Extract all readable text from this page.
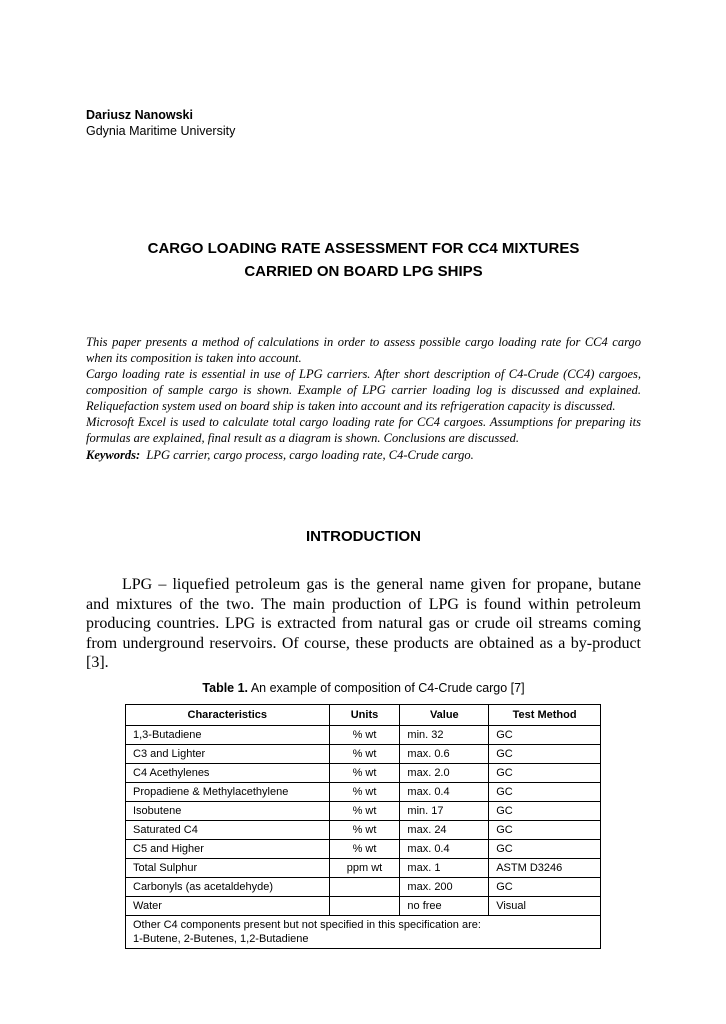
Dariusz Nanowski
Gdynia Maritime University
CARGO LOADING RATE ASSESSMENT FOR CC4 MIXTURES
CARRIED ON BOARD LPG SHIPS

This paper presents a method of calculations in order to assess possible cargo loading rate for CC4 cargo when its composition is taken into account.

Cargo loading rate is essential in use of LPG carriers. After short description of C4-Crude (CC4) cargoes, composition of sample cargo is shown. Example of LPG carrier loading log is discussed and explained. Reliquefaction system used on board ship is taken into account and its refrigeration capacity is discussed.

Microsoft Excel is used to calculate total cargo loading rate for CC4 cargoes. Assumptions for preparing its formulas are explained, final result as a diagram is shown. Conclusions are discussed.

Keywords: LPG carrier, cargo process, cargo loading rate, C4-Crude cargo.

INTRODUCTION

LPG – liquefied petroleum gas is the general name given for propane, butane and mixtures of the two. The main production of LPG is found within petroleum producing countries. LPG is extracted from natural gas or crude oil streams coming from underground reservoirs. Of course, these products are obtained as a by-product [3].

Table 1. An example of composition of C4-Crude cargo [7]
Characteristics	Units	Value	Test Method
1,3-Butadiene	% wt	min. 32	GC
C3 and Lighter	% wt	max. 0.6	GC
C4 Acethylenes	% wt	max. 2.0	GC
Propadiene & Methylacethylene	% wt	max. 0.4	GC
Isobutene	% wt	min. 17	GC
Saturated C4	% wt	max. 24	GC
C5 and Higher	% wt	max. 0.4	GC
Total Sulphur	ppm wt	max. 1	ASTM D3246
Carbonyls (as acetaldehyde)		max. 200	GC
Water		no free	Visual

Other C4 components present but not specified in this specification are:
1-Butene, 2-Butenes, 1,2-Butadiene			
